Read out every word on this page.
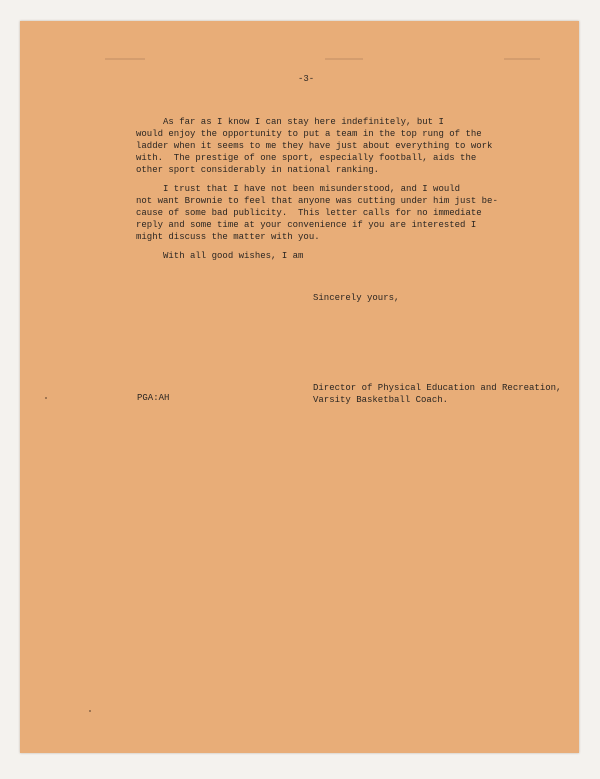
-3-
As far as I know I can stay here indefinitely, but I
would enjoy the opportunity to put a team in the top rung of the
ladder when it seems to me they have just about everything to work
with.  The prestige of one sport, especially football, aids the
other sport considerably in national ranking.
I trust that I have not been misunderstood, and I would
not want Brownie to feel that anyone was cutting under him just be-
cause of some bad publicity.  This letter calls for no immediate
reply and some time at your convenience if you are interested I
might discuss the matter with you.
With all good wishes, I am
Sincerely yours,
PGA:AH
Director of Physical Education and Recreation,
Varsity Basketball Coach.
